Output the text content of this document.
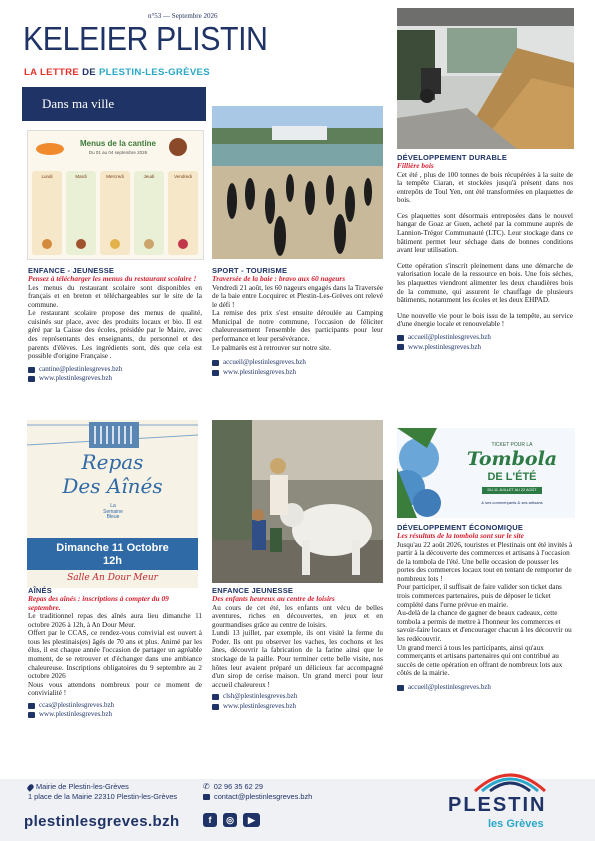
n°53 — Septembre 2026
KELEIER PLISTIN
LA LETTRE DE PLESTIN-LES-GRÈVES
Dans ma ville
Menus de la cantine
Du 01 au 04 septembre 2026
Lundi	Mardi	Mercredi	Jeudi	Vendredi
Repas
Des Aînés
La
Semaine
Bleue
Dimanche 11 Octobre
12h
Salle An Dour Meur
TICKET POUR LA
Tombola
DE L'ÉTÉ
DU 11 JUILLET AU 22 AOÛT
& ses commerçants & ses artisans
ENFANCE - JEUNESSE
Pensez à télécharger les menus du restaurant scolaire !

Les menus du restaurant scolaire sont disponibles en français et en breton et téléchargeables sur le site de la commune.

Le restaurant scolaire propose des menus de qualité, cuisinés sur place, avec des produits locaux et bio. Il est géré par la Caisse des écoles, présidée par le Maire, avec des représentants des enseignants, du personnel et des parents d'élèves. Les ingrédients sont, dès que cela est possible d'origine Française .

cantine@plestinlesgreves.bzh
www.plestinlesgreves.bzh
SPORT - TOURISME
Traversée de la baie : bravo aux 60 nageurs

Vendredi 21 août, les 60 nageurs engagés dans la Traversée de la baie entre Locquirec et Plestin-Les-Grèves ont relevé le défi !

La remise des prix s'est ensuite déroulée au Camping Municipal de notre commune, l'occasion de féliciter chaleureusement l'ensemble des participants pour leur performance et leur persévérance.

Le palmarès est à retrouver sur notre site.

accueil@plestinlesgreves.bzh
www.plestinlesgreves.bzh
DÉVELOPPEMENT DURABLE
Fillière bois

Cet été , plus de 100 tonnes de bois récupérées à la suite de la tempête Ciaran, et stockées jusqu'à présent dans nos entrepôts de Toul Yen, ont été transformées en plaquettes de bois.

Ces plaquettes sont désormais entreposées dans le nouvel hangar de Goaz ar Guen, acheté par la commune auprès de Lannion-Trégor Communauté (LTC). Leur stockage dans ce bâtiment permet leur séchage dans de bonnes conditions avant leur utilisation.

Cette opération s'inscrit pleinement dans une démarche de valorisation locale de la ressource en bois. Une fois séches, les plaquettes viendront alimenter les deux chaudières bois de la commune, qui assurent le chauffage de plusieurs bâtiments, notamment les écoles et les deux EHPAD.

Une nouvelle vie pour le bois issu de la tempête, au service d'une énergie locale et renouvelable !

accueil@plestinlesgreves.bzh
www.plestinlesgreves.bzh
AÎNÉS
Repas des aînés : inscriptions à compter du 09 septembre.

Le traditionnel repas des aînés aura lieu dimanche 11 octobre 2026 à 12h, à An Dour Meur.

Offert par le CCAS, ce rendez-vous convivial est ouvert à tous les plestinais(es) âgés de 70 ans et plus. Animé par les élus, il est chaque année l'occasion de partager un agréable moment, de se retrouver et d'échanger dans une ambiance chaleureuse. Inscriptions obligatoires du 9 septembre au 2 octobre 2026

Nous vous attendons nombreux pour ce moment de convivialité !

ccas@plestinlesgreves.bzh
www.plestinlesgreves.bzh
ENFANCE JEUNESSE
Des enfants heureux au centre de loisirs

Au cours de cet été, les enfants ont vécu de belles aventures, riches en découvertes, en jeux et en gourmandises grâce au centre de loisirs.

Lundi 13 juillet, par exemple, ils ont visité la ferme du Poder. Ils ont pu observer les vaches, les cochons et les ânes, découvrir la fabrication de la farine ainsi que le stockage de la paille. Pour terminer cette belle visite, nos hôtes leur avaient préparé un délicieux far accompagné d'un sirop de cerise maison. Un grand merci pour leur accueil chaleureux !

clsh@plestinlesgreves.bzh
www.plestinlesgreves.bzh
DÉVELOPPEMENT ÉCONOMIQUE
Les résultats de la tombola sont sur le site

Jusqu'au 22 août 2026, touristes et Plestinais ont été invités à partir à la découverte des commerces et artisans à l'occasion de la tombola de l'été. Une belle occasion de pousser les portes des commerces locaux tout en tentant de remporter de nombreux lots !

Pour participer, il suffisait de faire valider son ticket dans trois commerces partenaires, puis de déposer le ticket complété dans l'urne prévue en mairie.

Au-delà de la chance de gagner de beaux cadeaux, cette tombola a permis de mettre à l'honneur les commerces et savoir-faire locaux et d'encourager chacun à les découvrir ou les redécouvrir.

Un grand merci à tous les participants, ainsi qu'aux commerçants et artisans partenaires qui ont contribué au succès de cette opération en offrant de nombreux lots aux côtés de la mairie.

accueil@plestinlesgreves.bzh
Mairie de Plestin-les-Grèves
1 place de la Mairie 22310 Plestin-les-Grèves
✆ 02 96 35 62 29
contact@plestinlesgreves.bzh
plestinlesgreves.bzh	f	◎	▶
PLESTIN
les Grèves
